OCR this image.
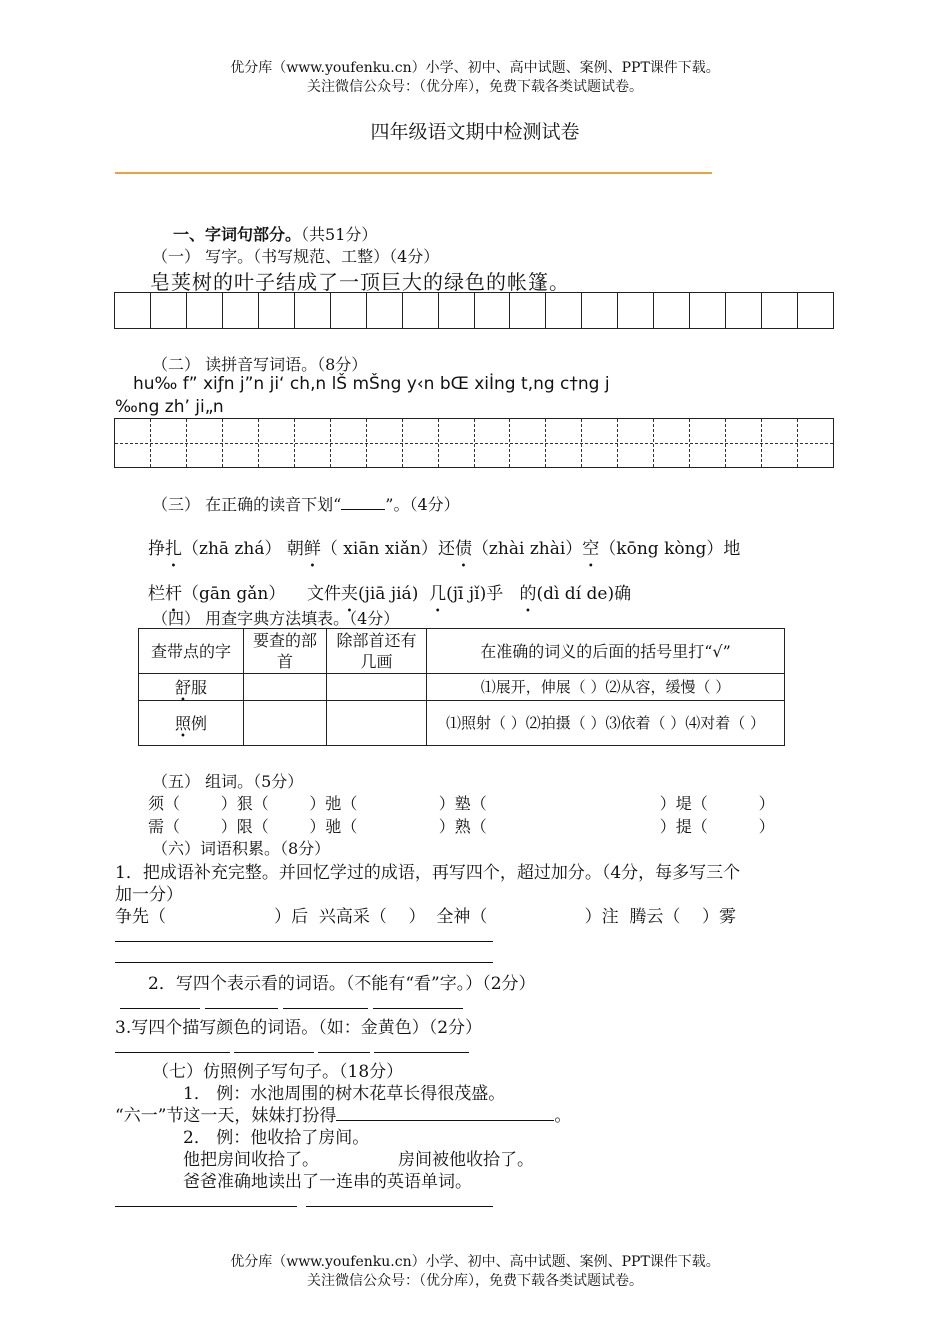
优分库（www.youfenku.cn）小学、初中、高中试题、案例、PPT课件下载。
关注微信公众号：（优分库），免费下载各类试题试卷。
四年级语文期中检测试卷
一、字词句部分。（共51分）
（一） 写字。（书写规范、工整）（4分）
皂荚树的叶子结成了一顶巨大的绿色的帐篷。
（二） 读拼音写词语。（8分）
hu‰ f” xiƒn j”n ji‘ ch‚n lŠ mŠng y‹n bŒ xiİng t‚ng c†ng j
‰ng zh’ ji„n
（三） 在正确的读音下划“	”。（4分）
挣扎（zhā zhá） 朝鲜（ xiān xiǎn）还债（zhài zhài）空（kōng kòng）地
栏杆（gān gǎn） 文件夹(jiā jiá) 几(jī jǐ)乎 的(dì dí de)确
（四） 用查字典方法填表。（4分）
查带点的字	要查的部首	除部首还有几画	在准确的词义的后面的括号里打“√”
舒服			⑴展开，伸展（ ）⑵从容，缓慢（ ）
照例			⑴照射（ ）⑵拍摄（ ）⑶依着（ ）⑷对着（ ）
（五） 组词。（5分）
须（        ）狠（        ）弛（                ）塾（                                  ）堤（          ）
需（        ）限（        ）驰（                ）熟（                                  ）提（          ）
（六）词语积累。（8分）
1．把成语补充完整。并回忆学过的成语，再写四个，超过加分。（4分，每多写三个
加一分）
争先（                    ）后 兴高采（    ） 全神（                  ）注 腾云（    ）雾
2．写四个表示看的词语。（不能有“看”字。）（2分）
3.写四个描写颜色的词语。（如：金黄色）（2分）
（七）仿照例子写句子。（18分）
1． 例：水池周围的树木花草长得很茂盛。
“六一”节这一天，妹妹打扮得	。
2． 例：他收拾了房间。
他把房间收拾了。	房间被他收拾了。
爸爸准确地读出了一连串的英语单词。
优分库（www.youfenku.cn）小学、初中、高中试题、案例、PPT课件下载。
关注微信公众号：（优分库），免费下载各类试题试卷。
